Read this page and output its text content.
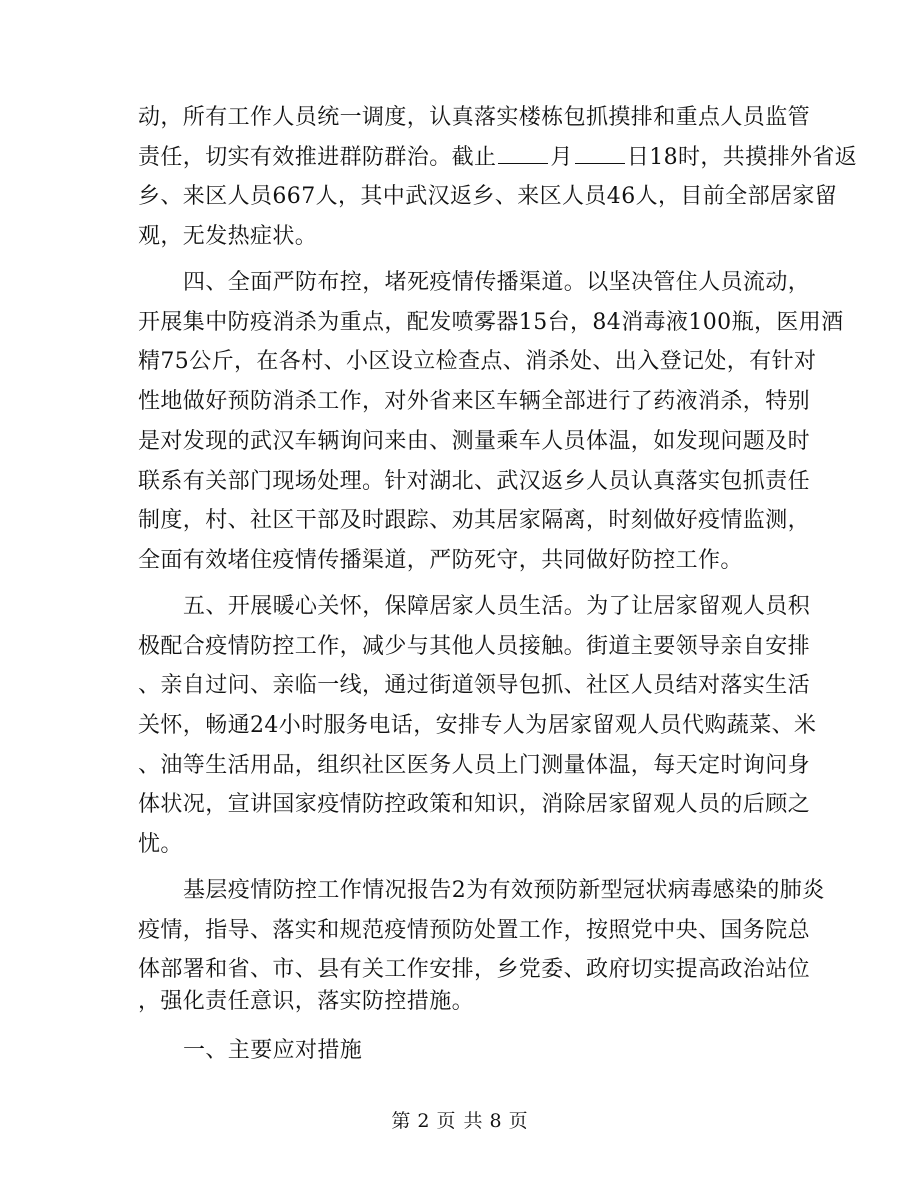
动，所有工作人员统一调度，认真落实楼栋包抓摸排和重点人员监管
责任，切实有效推进群防群治。截止 月 日18时，共摸排外省返
乡、来区人员667人，其中武汉返乡、来区人员46人，目前全部居家留
观，无发热症状。
四、全面严防布控，堵死疫情传播渠道。以坚决管住人员流动，
开展集中防疫消杀为重点，配发喷雾器15台，84消毒液100瓶，医用酒
精75公斤，在各村、小区设立检查点、消杀处、出入登记处，有针对
性地做好预防消杀工作，对外省来区车辆全部进行了药液消杀，特别
是对发现的武汉车辆询问来由、测量乘车人员体温，如发现问题及时
联系有关部门现场处理。针对湖北、武汉返乡人员认真落实包抓责任
制度，村、社区干部及时跟踪、劝其居家隔离，时刻做好疫情监测，
全面有效堵住疫情传播渠道，严防死守，共同做好防控工作。
五、开展暖心关怀，保障居家人员生活。为了让居家留观人员积
极配合疫情防控工作，减少与其他人员接触。街道主要领导亲自安排
、亲自过问、亲临一线，通过街道领导包抓、社区人员结对落实生活
关怀，畅通24小时服务电话，安排专人为居家留观人员代购蔬菜、米
、油等生活用品，组织社区医务人员上门测量体温，每天定时询问身
体状况，宣讲国家疫情防控政策和知识，消除居家留观人员的后顾之
忧。
基层疫情防控工作情况报告2为有效预防新型冠状病毒感染的肺炎
疫情，指导、落实和规范疫情预防处置工作，按照党中央、国务院总
体部署和省、市、县有关工作安排，乡党委、政府切实提高政治站位
，强化责任意识，落实防控措施。
一、主要应对措施
第 2 页 共 8 页
